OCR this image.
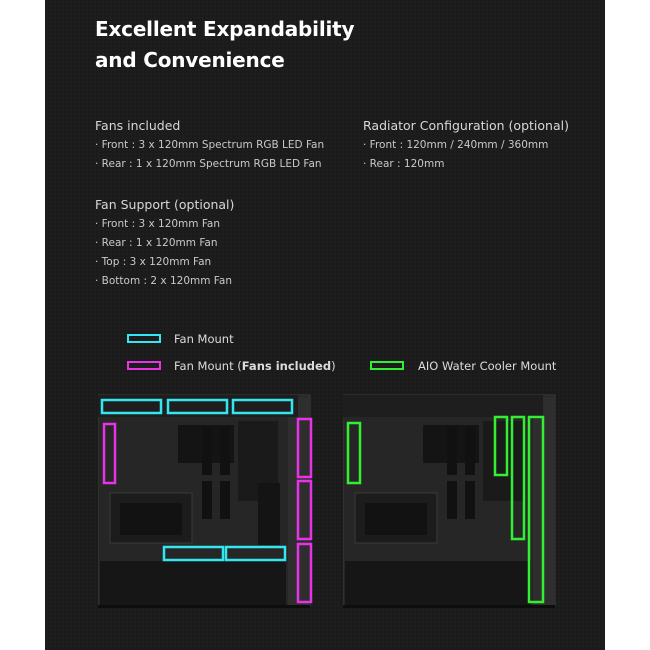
Excellent Expandability
and Convenience
Fans included
· Front : 3 x 120mm Spectrum RGB LED Fan
· Rear : 1 x 120mm Spectrum RGB LED Fan
Radiator Configuration (optional)
· Front : 120mm / 240mm / 360mm
· Rear : 120mm
Fan Support (optional)
· Front : 3 x 120mm Fan
· Rear : 1 x 120mm Fan
· Top : 3 x 120mm Fan
· Bottom : 2 x 120mm Fan
Fan Mount
Fan Mount (Fans included)	AIO Water Cooler Mount
